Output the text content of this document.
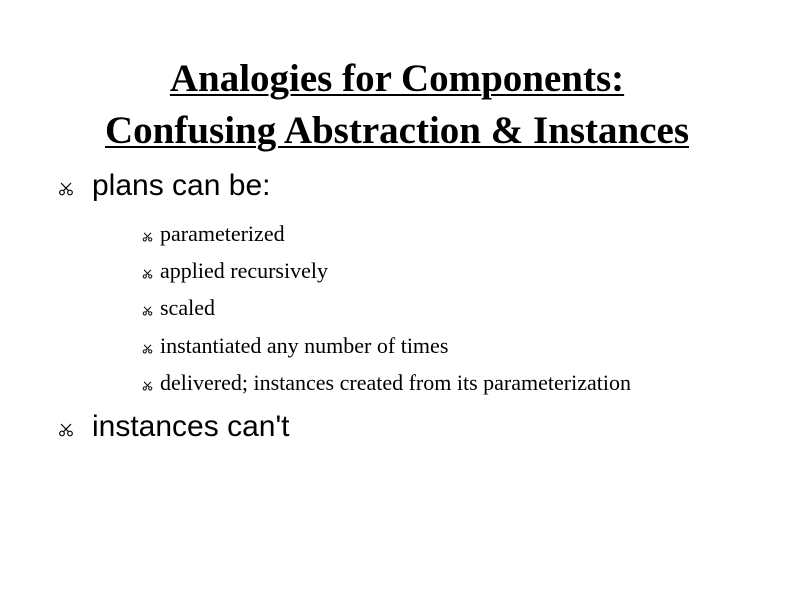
Analogies for Components:
Confusing Abstraction & Instances
plans can be:
parameterized
applied recursively
scaled
instantiated any number of times
delivered; instances created from its parameterization
instances can't
